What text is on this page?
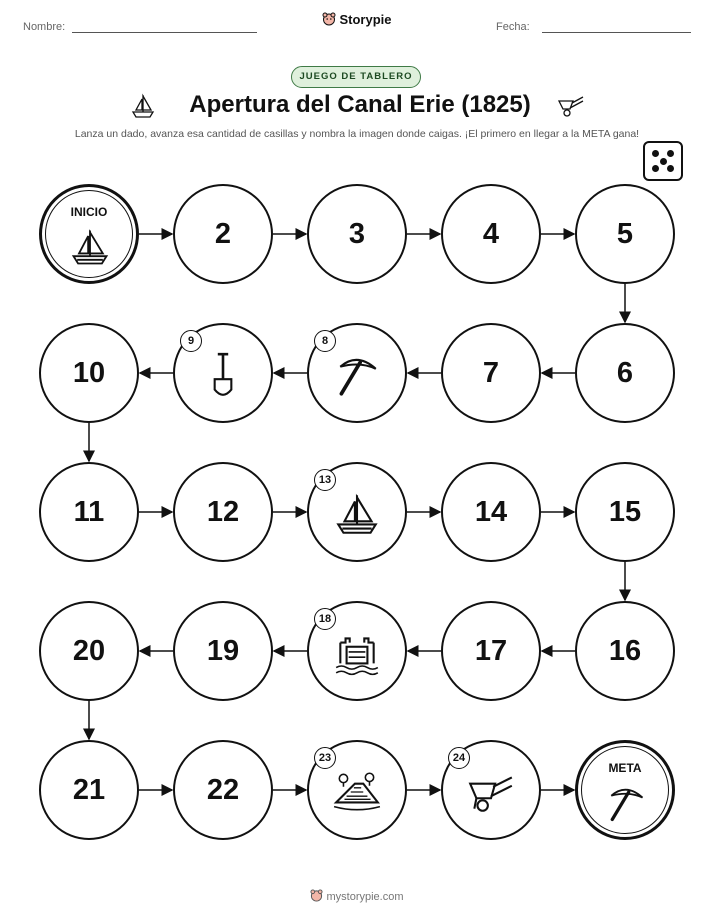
Nombre:	Storypie	Fecha:
JUEGO DE TABLERO
Apertura del Canal Erie (1825)
Lanza un dado, avanza esa cantidad de casillas y nombra la imagen donde caigas. ¡El primero en llegar a la META gana!
INICIO
2	3	4	5
6
7
8
9
10
11	12
13
14	15
16
17
18
19
20
21	22
23	24
META
mystorypie.com
